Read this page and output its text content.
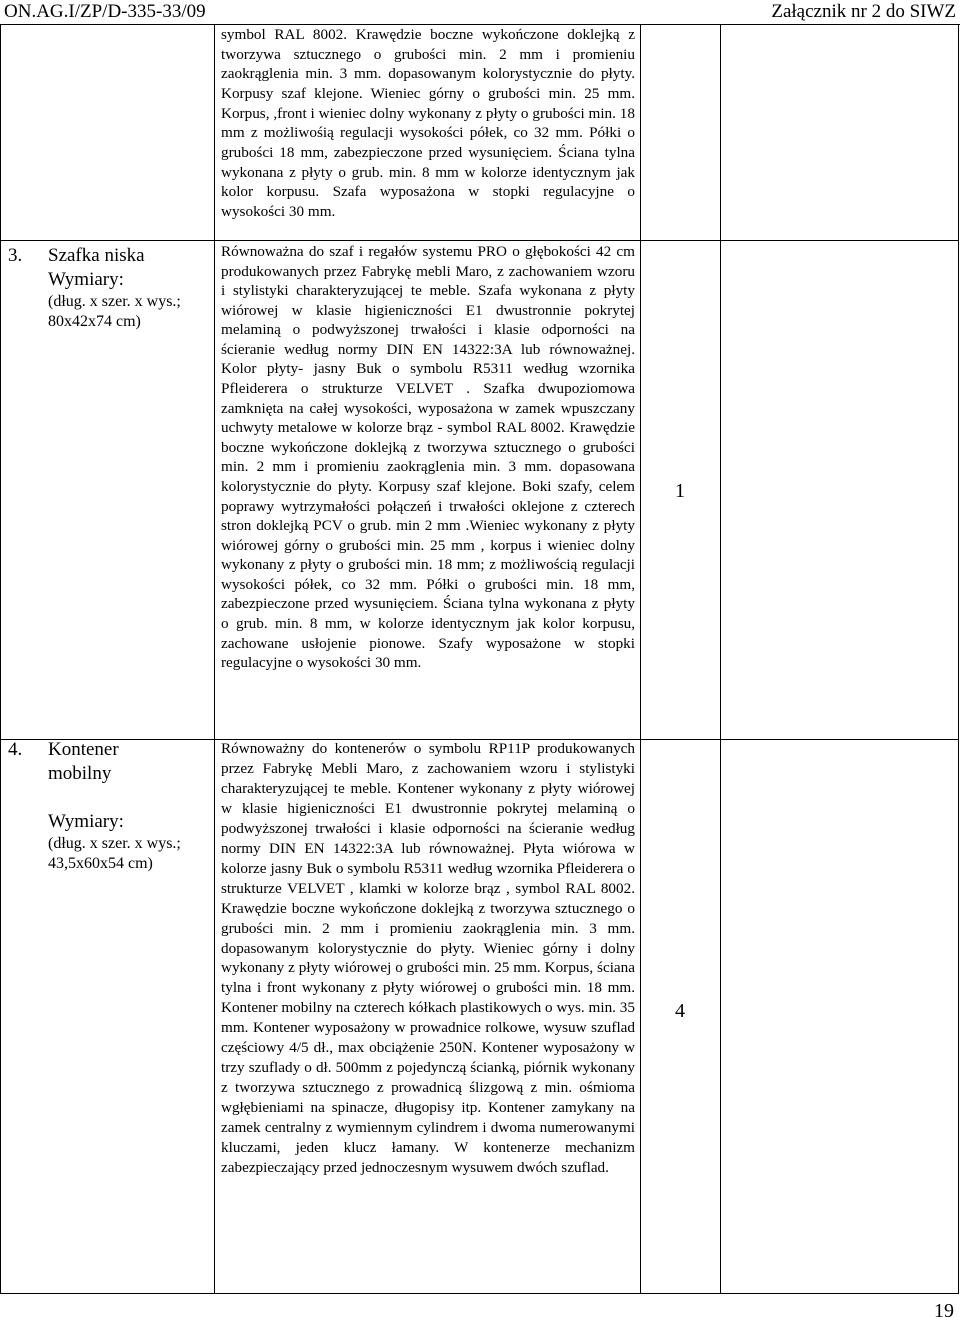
ON.AG.I/ZP/D-335-33/09	Załącznik nr 2 do SIWZ

symbol RAL 8002. Krawędzie boczne wykończone doklejką z tworzywa sztucznego o grubości min. 2 mm i promieniu zaokrąglenia min. 3 mm. dopasowanym kolorystycznie do płyty. Korpusy szaf klejone. Wieniec górny o grubości min. 25 mm. Korpus, ,front i wieniec dolny wykonany z płyty o grubości min. 18 mm z możliwośią regulacji wysokości półek, co 32 mm. Półki o grubości 18 mm, zabezpieczone przed wysunięciem. Ściana tylna wykonana z płyty o grub. min. 8 mm w kolorze identycznym jak kolor korpusu. Szafa wyposażona w stopki regulacyjne o wysokości 30 mm.

3. Szafka niska
Wymiary:
(dług. x szer. x wys.;
80x42x74 cm)

Równoważna do szaf i regałów systemu PRO o głębokości 42 cm produkowanych przez Fabrykę mebli Maro, z zachowaniem wzoru i stylistyki charakteryzującej te meble. Szafa wykonana z płyty wiórowej w klasie higieniczności E1 dwustronnie pokrytej melaminą o podwyższonej trwałości i klasie odporności na ścieranie według normy DIN EN 14322:3A lub równoważnej. Kolor płyty- jasny Buk o symbolu R5311 według wzornika Pfleiderera o strukturze VELVET . Szafka dwupoziomowa zamknięta na całej wysokości, wyposażona w zamek wpuszczany uchwyty metalowe w kolorze brąz - symbol RAL 8002. Krawędzie boczne wykończone doklejką z tworzywa sztucznego o grubości min. 2 mm i promieniu zaokrąglenia min. 3 mm. dopasowana kolorystycznie do płyty. Korpusy szaf klejone. Boki szafy, celem poprawy wytrzymałości połączeń i trwałości oklejone z czterech stron doklejką PCV o grub. min 2 mm .Wieniec wykonany z płyty wiórowej górny o grubości min. 25 mm , korpus i wieniec dolny wykonany z płyty o grubości min. 18 mm; z możliwością regulacji wysokości półek, co 32 mm. Półki o grubości min. 18 mm, zabezpieczone przed wysunięciem. Ściana tylna wykonana z płyty o grub. min. 8 mm, w kolorze identycznym jak kolor korpusu, zachowane usłojenie pionowe. Szafy wyposażone w stopki regulacyjne o wysokości 30 mm.

1
4. Kontener
mobilny
Wymiary:
(dług. x szer. x wys.;
43,5x60x54 cm)

Równoważny do kontenerów o symbolu RP11P produkowanych przez Fabrykę Mebli Maro, z zachowaniem wzoru i stylistyki charakteryzującej te meble. Kontener wykonany z płyty wiórowej w klasie higieniczności E1 dwustronnie pokrytej melaminą o podwyższonej trwałości i klasie odporności na ścieranie według normy DIN EN 14322:3A lub równoważnej. Płyta wiórowa w kolorze jasny Buk o symbolu R5311 według wzornika Pfleiderera o strukturze VELVET , klamki w kolorze brąz , symbol RAL 8002. Krawędzie boczne wykończone doklejką z tworzywa sztucznego o grubości min. 2 mm i promieniu zaokrąglenia min. 3 mm. dopasowanym kolorystycznie do płyty. Wieniec górny i dolny wykonany z płyty wiórowej o grubości min. 25 mm. Korpus, ściana tylna i front wykonany z płyty wiórowej o grubości min. 18 mm. Kontener mobilny na czterech kółkach plastikowych o wys. min. 35 mm. Kontener wyposażony w prowadnice rolkowe, wysuw szuflad częściowy 4/5 dł., max obciążenie 250N. Kontener wyposażony w trzy szuflady o dł. 500mm z pojedynczą ścianką, piórnik wykonany z tworzywa sztucznego z prowadnicą ślizgową z min. ośmioma wgłębieniami na spinacze, długopisy itp. Kontener zamykany na zamek centralny z wymiennym cylindrem i dwoma numerowanymi kluczami, jeden klucz łamany. W kontenerze mechanizm zabezpieczający przed jednoczesnym wysuwem dwóch szuflad.

4
19
